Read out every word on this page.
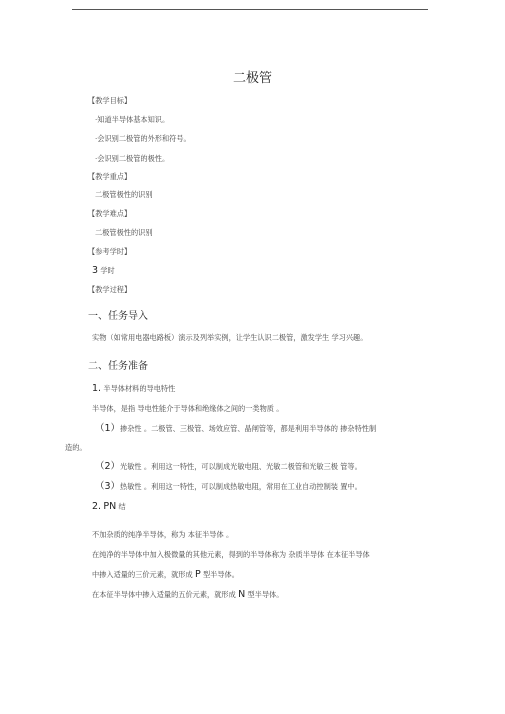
二极管
【教学目标】
·知道半导体基本知识。
·会识别二极管的外形和符号。
·会识别二极管的极性。
【教学重点】
二极管极性的识别
【教学难点】
二极管极性的识别
【参考学时】
3 学时
【教学过程】
一、任务导入
实物（如常用电器电路板）演示及列举实例，让学生认识二极管，激发学生 学习兴趣。
二、任务准备
1. 半导体材料的导电特性
半导体，是指 导电性能介于导体和绝缘体之间的一类物质 。
（1）掺杂性 。二极管、三极管、场效应管、晶闸管等，都是利用半导体的 掺杂特性制
造的。
（2）光敏性 。利用这一特性，可以制成光敏电阻、光敏二极管和光敏三极 管等。
（3）热敏性 。利用这一特性，可以制成热敏电阻，常用在工业自动控制装 置中。
2. PN 结
不加杂质的纯净半导体，称为 本征半导体 。
在纯净的半导体中加入极微量的其他元素，得到的半导体称为 杂质半导体 在本征半导体
中掺入适量的三价元素，就形成 P 型半导体。
在本征半导体中掺入适量的五价元素，就形成 N 型半导体。
